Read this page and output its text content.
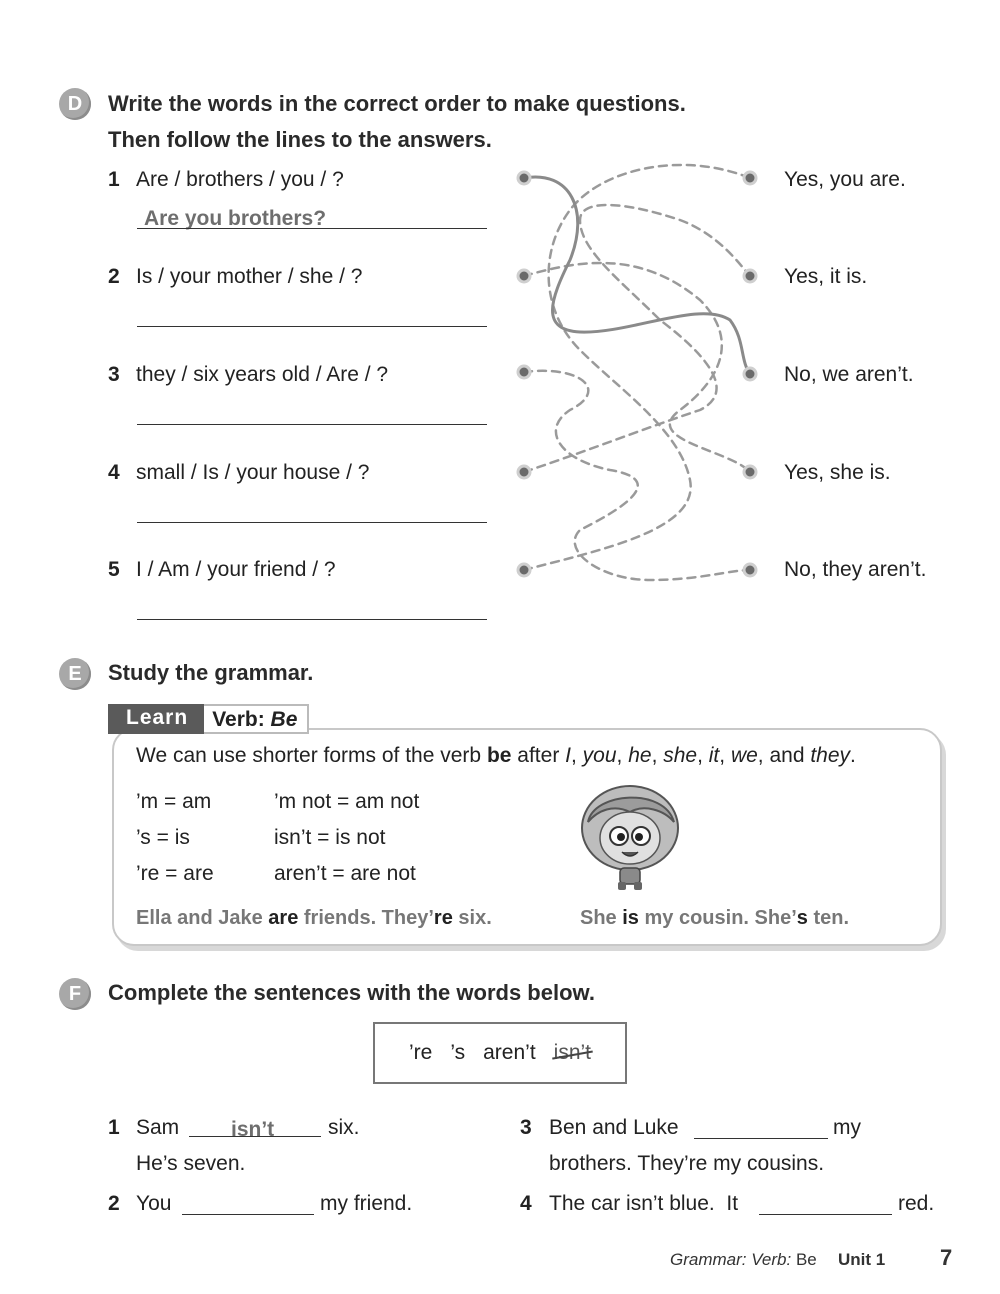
D	Write the words in the correct order to make questions.
Then follow the lines to the answers.
1 Are / brothers / you / ?
Are you brothers?
2 Is / your mother / she / ?
3 they / six years old / Are / ?
4 small / Is / your house / ?
5 I / Am / your friend / ?
Yes, you are.
Yes, it is.
No, we aren’t.
Yes, she is.
No, they aren’t.
E	Study the grammar.
Learn	Verb: Be
We can use shorter forms of the verb be after I, you, he, she, it, we, and they.
’m = am	’m not = am not
’s = is	isn’t = is not
’re = are	aren’t = are not
Ella and Jake are friends. They’re six.	She is my cousin. She’s ten.
F	Complete the sentences with the words below.
’re ’s aren’t isn’t
1 Sam isn’t	six.
He’s seven.
2 You	my friend.
3 Ben and Luke	my
brothers. They’re my cousins.
4 The car isn’t blue.  It	red.
Grammar: Verb: Be Unit 1 7
